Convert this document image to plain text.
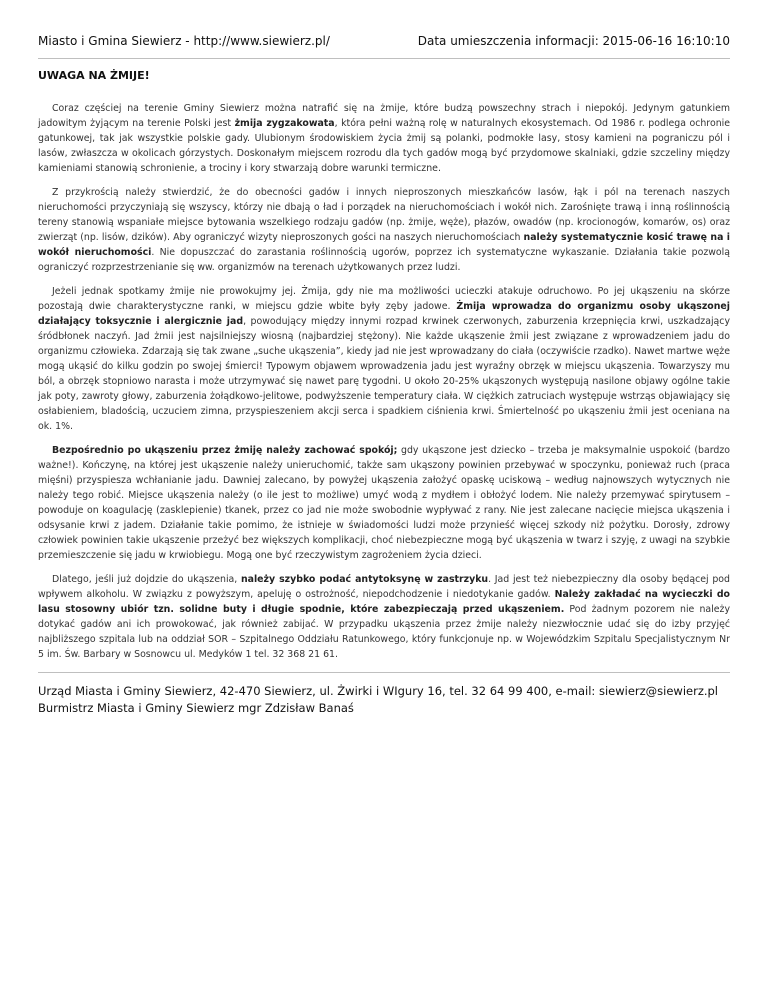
Miasto i Gmina Siewierz - http://www.siewierz.pl/	Data umieszczenia informacji: 2015-06-16 16:10:10
UWAGA NA ŻMIJE!

Coraz częściej na terenie Gminy Siewierz można natrafić się na żmije, które budzą powszechny strach i niepokój. Jedynym gatunkiem jadowitym żyjącym na terenie Polski jest żmija zygzakowata, która pełni ważną rolę w naturalnych ekosystemach. Od 1986 r. podlega ochronie gatunkowej, tak jak wszystkie polskie gady. Ulubionym środowiskiem życia żmij są polanki, podmokłe lasy, stosy kamieni na pograniczu pól i lasów, zwłaszcza w okolicach górzystych. Doskonałym miejscem rozrodu dla tych gadów mogą być przydomowe skalniaki, gdzie szczeliny między kamieniami stanowią schronienie, a trociny i kory stwarzają dobre warunki termiczne.

Z przykrością należy stwierdzić, że do obecności gadów i innych nieproszonych mieszkańców lasów, łąk i pól na terenach naszych nieruchomości przyczyniają się wszyscy, którzy nie dbają o ład i porządek na nieruchomościach i wokół nich. Zarośnięte trawą i inną roślinnością tereny stanowią wspaniałe miejsce bytowania wszelkiego rodzaju gadów (np. żmije, węże), płazów, owadów (np. krocionogów, komarów, os) oraz zwierząt (np. lisów, dzików). Aby ograniczyć wizyty nieproszonych gości na naszych nieruchomościach należy systematycznie kosić trawę na i wokół nieruchomości. Nie dopuszczać do zarastania roślinnością ugorów, poprzez ich systematyczne wykaszanie. Działania takie pozwolą ograniczyć rozprzestrzenianie się ww. organizmów na terenach użytkowanych przez ludzi.

Jeżeli jednak spotkamy żmije nie prowokujmy jej. Żmija, gdy nie ma możliwości ucieczki atakuje odruchowo. Po jej ukąszeniu na skórze pozostają dwie charakterystyczne ranki, w miejscu gdzie wbite były zęby jadowe. Żmija wprowadza do organizmu osoby ukąszonej działający toksycznie i alergicznie jad, powodujący między innymi rozpad krwinek czerwonych, zaburzenia krzepnięcia krwi, uszkadzający śródbłonek naczyń. Jad żmii jest najsilniejszy wiosną (najbardziej stężony). Nie każde ukąszenie żmii jest związane z wprowadzeniem jadu do organizmu człowieka. Zdarzają się tak zwane „suche ukąszenia”, kiedy jad nie jest wprowadzany do ciała (oczywiście rzadko). Nawet martwe węże mogą ukąsić do kilku godzin po swojej śmierci! Typowym objawem wprowadzenia jadu jest wyraźny obrzęk w miejscu ukąszenia. Towarzyszy mu ból, a obrzęk stopniowo narasta i może utrzymywać się nawet parę tygodni. U około 20-25% ukąszonych występują nasilone objawy ogólne takie jak poty, zawroty głowy, zaburzenia żołądkowo-jelitowe, podwyższenie temperatury ciała. W ciężkich zatruciach występuje wstrząs objawiający się osłabieniem, bladością, uczuciem zimna, przyspieszeniem akcji serca i spadkiem ciśnienia krwi. Śmiertelność po ukąszeniu żmii jest oceniana na ok. 1%.

Bezpośrednio po ukąszeniu przez żmiję należy zachować spokój; gdy ukąszone jest dziecko – trzeba je maksymalnie uspokoić (bardzo ważne!). Kończynę, na której jest ukąszenie należy unieruchomić, także sam ukąszony powinien przebywać w spoczynku, ponieważ ruch (praca mięśni) przyspiesza wchłanianie jadu. Dawniej zalecano, by powyżej ukąszenia założyć opaskę uciskową – według najnowszych wytycznych nie należy tego robić. Miejsce ukąszenia należy (o ile jest to możliwe) umyć wodą z mydłem i obłożyć lodem. Nie należy przemywać spirytusem – powoduje on koagulację (zasklepienie) tkanek, przez co jad nie może swobodnie wypływać z rany. Nie jest zalecane nacięcie miejsca ukąszenia i odsysanie krwi z jadem. Działanie takie pomimo, że istnieje w świadomości ludzi może przynieść więcej szkody niż pożytku. Dorosły, zdrowy człowiek powinien takie ukąszenie przeżyć bez większych komplikacji, choć niebezpieczne mogą być ukąszenia w twarz i szyję, z uwagi na szybkie przemieszczenie się jadu w krwiobiegu. Mogą one być rzeczywistym zagrożeniem życia dzieci.

Dlatego, jeśli już dojdzie do ukąszenia, należy szybko podać antytoksynę w zastrzyku. Jad jest też niebezpieczny dla osoby będącej pod wpływem alkoholu. W związku z powyższym, apeluję o ostrożność, niepodchodzenie i niedotykanie gadów. Należy zakładać na wycieczki do lasu stosowny ubiór tzn. solidne buty i długie spodnie, które zabezpieczają przed ukąszeniem. Pod żadnym pozorem nie należy dotykać gadów ani ich prowokować, jak również zabijać. W przypadku ukąszenia przez żmije należy niezwłocznie udać się do izby przyjęć najbliższego szpitala lub na oddział SOR – Szpitalnego Oddziału Ratunkowego, który funkcjonuje np. w Wojewódzkim Szpitalu Specjalistycznym Nr 5 im. Św. Barbary w Sosnowcu ul. Medyków 1 tel. 32 368 21 61.

Urząd Miasta i Gminy Siewierz, 42-470 Siewierz, ul. Żwirki i WIgury 16, tel. 32 64 99 400, e-mail: siewierz@siewierz.pl
Burmistrz Miasta i Gminy Siewierz mgr Zdzisław Banaś
